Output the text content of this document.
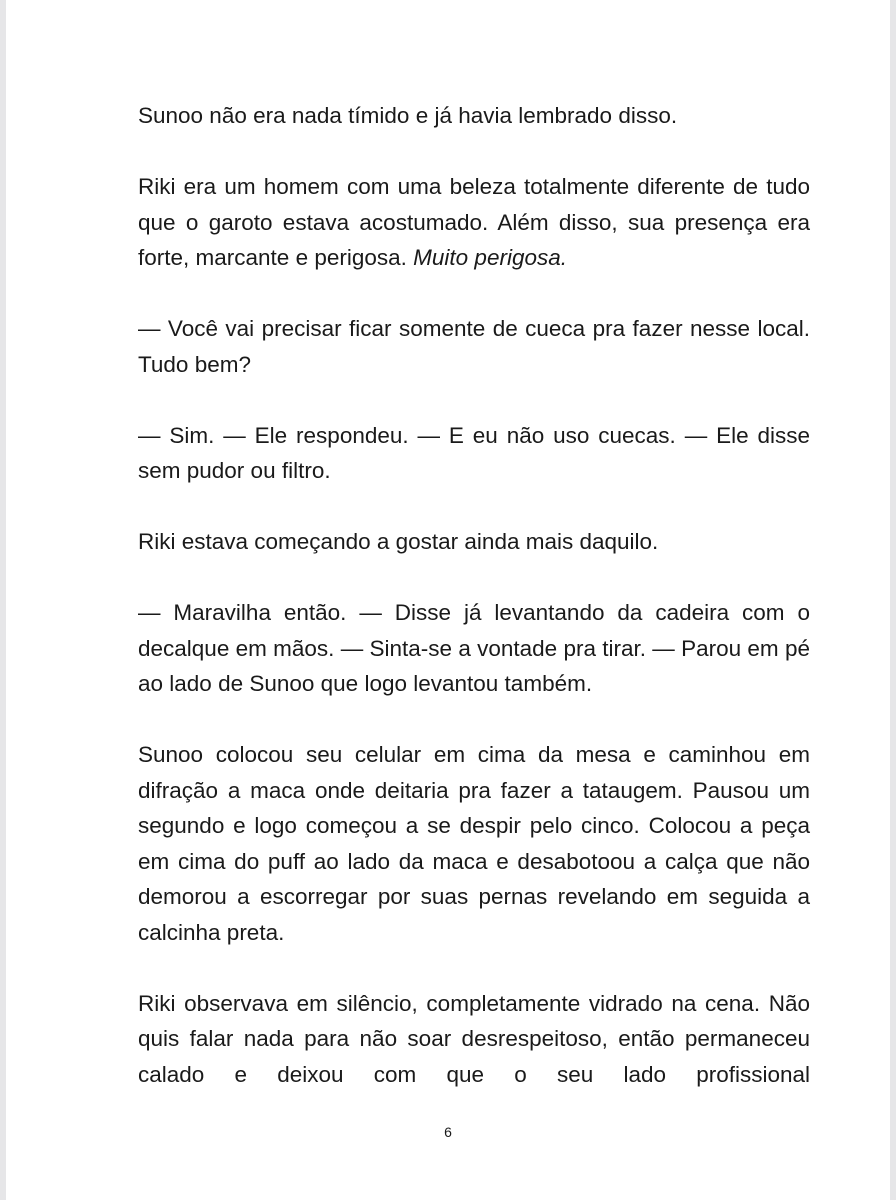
Sunoo não era nada tímido e já havia lembrado disso.

Riki era um homem com uma beleza totalmente diferente de tudo que o garoto estava acostumado. Além disso, sua presença era forte, marcante e perigosa. Muito perigosa.

— Você vai precisar ficar somente de cueca pra fazer nesse local. Tudo bem?

— Sim. — Ele respondeu. — E eu não uso cuecas. — Ele disse sem pudor ou filtro.

Riki estava começando a gostar ainda mais daquilo.

— Maravilha então. — Disse já levantando da cadeira com o decalque em mãos. — Sinta-se a vontade pra tirar. — Parou em pé ao lado de Sunoo que logo levantou também.

Sunoo colocou seu celular em cima da mesa e caminhou em difração a maca onde deitaria pra fazer a tataugem. Pausou um segundo e logo começou a se despir pelo cinco. Colocou a peça em cima do puff ao lado da maca e desabotoou a calça que não demorou a escorregar por suas pernas revelando em seguida a calcinha preta.

Riki observava em silêncio, completamente vidrado na cena. Não quis falar nada para não soar desrespeitoso, então permaneceu calado e deixou com que o seu lado profissional

6
